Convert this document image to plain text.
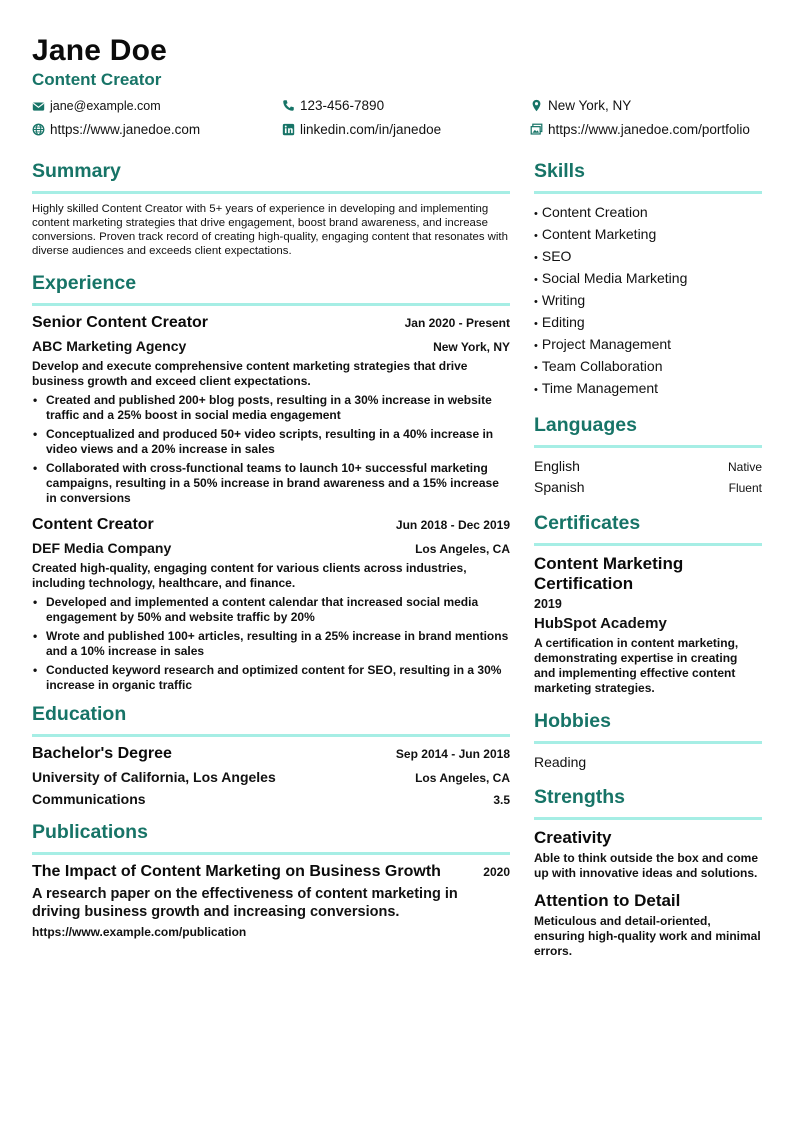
Jane Doe
Content Creator
jane@example.com	123-456-7890	New York, NY
https://www.janedoe.com	linkedin.com/in/janedoe	https://www.janedoe.com/portfolio
Summary
Highly skilled Content Creator with 5+ years of experience in developing and implementing content marketing strategies that drive engagement, boost brand awareness, and increase conversions. Proven track record of creating high-quality, engaging content that resonates with diverse audiences and exceeds client expectations.
Experience
Senior Content Creator	Jan 2020 - Present
ABC Marketing Agency	New York, NY
Develop and execute comprehensive content marketing strategies that drive business growth and exceed client expectations.
• Created and published 200+ blog posts, resulting in a 30% increase in website traffic and a 25% boost in social media engagement
• Conceptualized and produced 50+ video scripts, resulting in a 40% increase in video views and a 20% increase in sales
• Collaborated with cross-functional teams to launch 10+ successful marketing campaigns, resulting in a 50% increase in brand awareness and a 15% increase in conversions
Content Creator	Jun 2018 - Dec 2019
DEF Media Company	Los Angeles, CA
Created high-quality, engaging content for various clients across industries, including technology, healthcare, and finance.
• Developed and implemented a content calendar that increased social media engagement by 50% and website traffic by 20%
• Wrote and published 100+ articles, resulting in a 25% increase in brand mentions and a 10% increase in sales
• Conducted keyword research and optimized content for SEO, resulting in a 30% increase in organic traffic
Education
Bachelor's Degree	Sep 2014 - Jun 2018
University of California, Los Angeles	Los Angeles, CA
Communications	3.5
Publications
The Impact of Content Marketing on Business Growth	2020
A research paper on the effectiveness of content marketing in driving business growth and increasing conversions.
https://www.example.com/publication
Skills
• Content Creation
• Content Marketing
• SEO
• Social Media Marketing
• Writing
• Editing
• Project Management
• Team Collaboration
• Time Management
Languages
English	Native
Spanish	Fluent
Certificates
Content Marketing Certification
2019
HubSpot Academy
A certification in content marketing, demonstrating expertise in creating and implementing effective content marketing strategies.
Hobbies
Reading
Strengths
Creativity
Able to think outside the box and come up with innovative ideas and solutions.
Attention to Detail
Meticulous and detail-oriented, ensuring high-quality work and minimal errors.
